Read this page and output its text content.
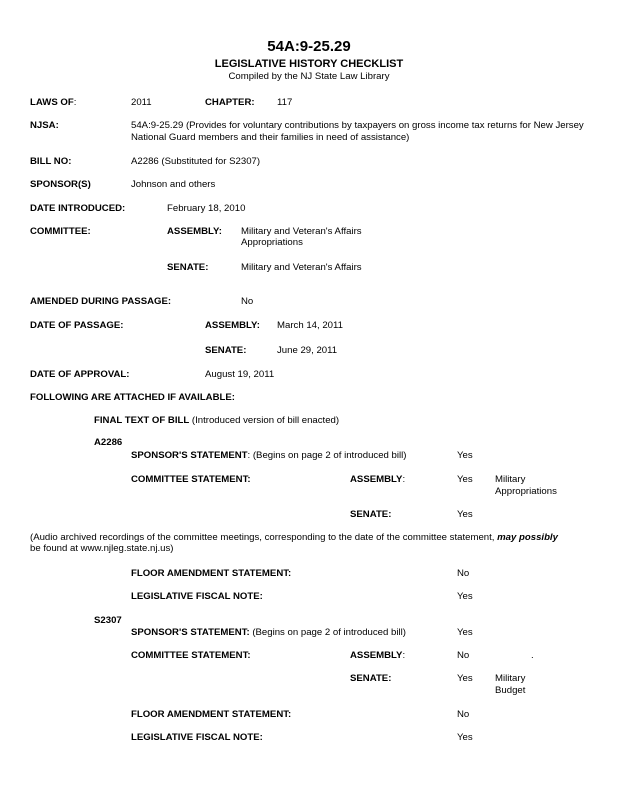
54A:9-25.29
LEGISLATIVE HISTORY CHECKLIST
Compiled by the NJ State Law Library
LAWS OF:	2011	CHAPTER: 117
NJSA:	54A:9-25.29 (Provides for voluntary contributions by taxpayers on gross income tax returns for New Jersey National Guard members and their families in need of assistance)
BILL NO:	A2286 (Substituted for S2307)
SPONSOR(S)	Johnson and others
DATE INTRODUCED:	February 18, 2010
COMMITTEE:	ASSEMBLY: Military and Veteran's Affairs
Appropriations
SENATE:	Military and Veteran's Affairs
AMENDED DURING PASSAGE:	No
DATE OF PASSAGE:	ASSEMBLY: March 14, 2011
SENATE:	June 29, 2011
DATE OF APPROVAL:	August 19, 2011
FOLLOWING ARE ATTACHED IF AVAILABLE:
FINAL TEXT OF BILL (Introduced version of bill enacted)
A2286
SPONSOR'S STATEMENT: (Begins on page 2 of introduced bill)	Yes
COMMITTEE STATEMENT:	ASSEMBLY:	Yes Military
Appropriations
SENATE:	Yes
(Audio archived recordings of the committee meetings, corresponding to the date of the committee statement, may possibly
be found at www.njleg.state.nj.us)
FLOOR AMENDMENT STATEMENT:	No
LEGISLATIVE FISCAL NOTE:	Yes
S2307
SPONSOR'S STATEMENT: (Begins on page 2 of introduced bill)	Yes
COMMITTEE STATEMENT:	ASSEMBLY:	No	.
SENATE:	Yes Military
Budget
FLOOR AMENDMENT STATEMENT:	No
LEGISLATIVE FISCAL NOTE:	Yes
